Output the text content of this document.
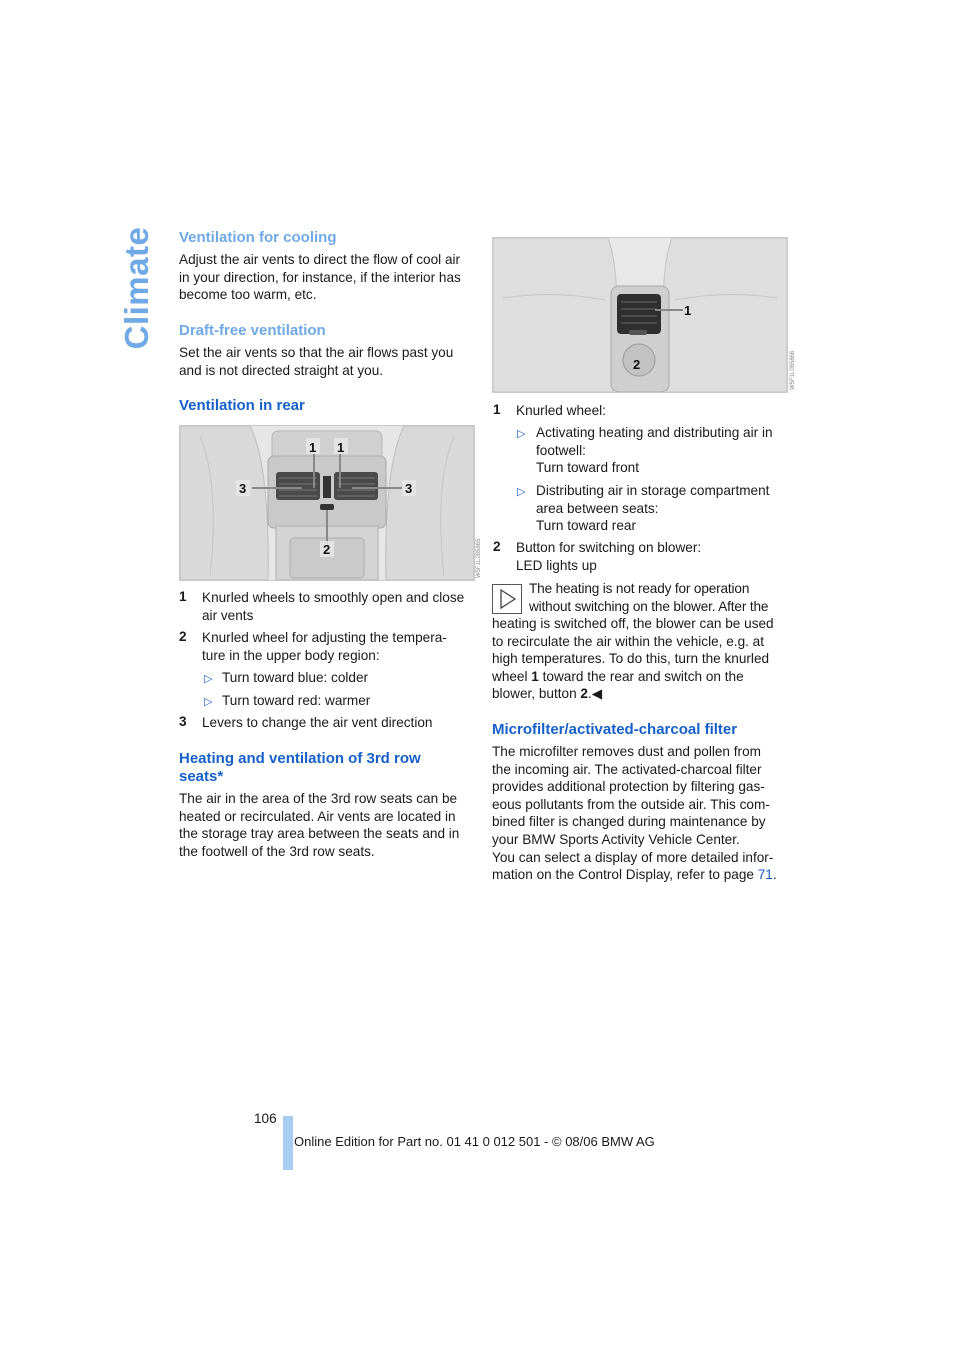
Climate Ventilation for cooling
Adjust the air vents to direct the flow of cool air
in your direction, for instance, if the interior has
become too warm, etc.
Draft-free ventilation
Set the air vents so that the air flows past you
and is not directed straight at you.
Ventilation in rear
1 1
3	3
2	W5F1L085865
1 Knurled wheels to smoothly open and close
air vents
2 Knurled wheel for adjusting the tempera-
ture in the upper body region:
▷ Turn toward blue: colder
▷ Turn toward red: warmer
3 Levers to change the air vent direction
Heating and ventilation of 3rd row
seats*
The air in the area of the 3rd row seats can be
heated or recirculated. Air vents are located in
the storage tray area between the seats and in
the footwell of the 3rd row seats.
1
2	W5F1L085866
1 Knurled wheel:
▷ Activating heating and distributing air in
footwell:
Turn toward front
▷ Distributing air in storage compartment
area between seats:
Turn toward rear
2 Button for switching on blower:
LED lights up
The heating is not ready for operation
without switching on the blower. After the
heating is switched off, the blower can be used
to recirculate the air within the vehicle, e.g. at
high temperatures. To do this, turn the knurled
wheel 1 toward the rear and switch on the
blower, button 2.◀
Microfilter/activated-charcoal filter
The microfilter removes dust and pollen from
the incoming air. The activated-charcoal filter
provides additional protection by filtering gas-
eous pollutants from the outside air. This com-
bined filter is changed during maintenance by
your BMW Sports Activity Vehicle Center.
You can select a display of more detailed infor-
mation on the Control Display, refer to page 71.
106
Online Edition for Part no. 01 41 0 012 501 - © 08/06 BMW AG
